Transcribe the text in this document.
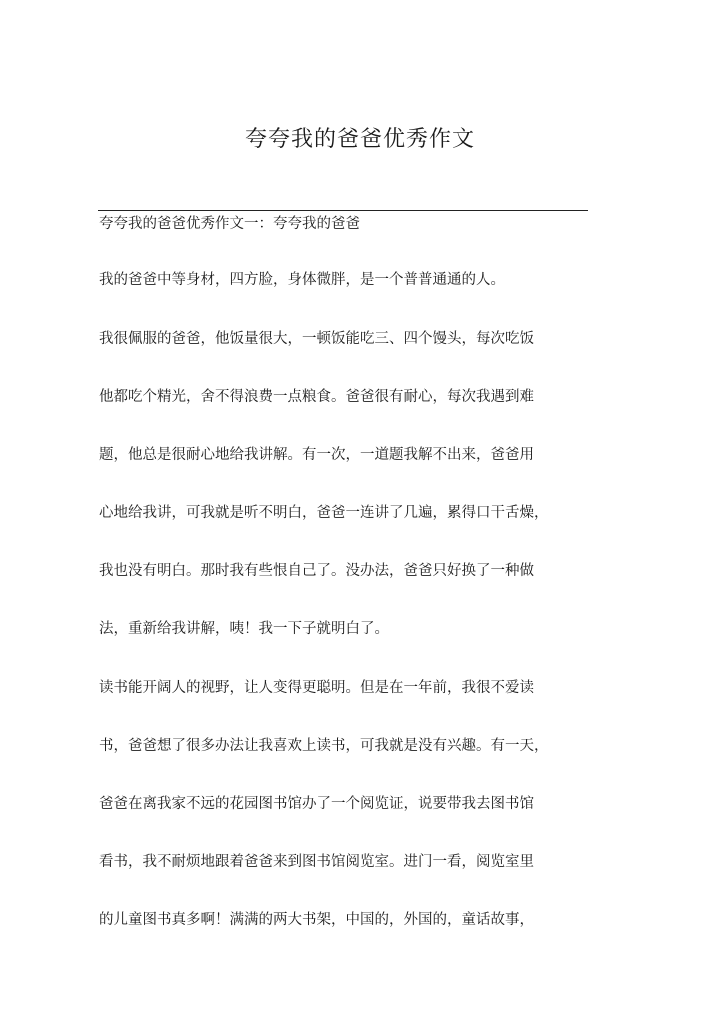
夸夸我的爸爸优秀作文

夸夸我的爸爸优秀作文一：夸夸我的爸爸

我的爸爸中等身材，四方脸，身体微胖，是一个普普通通的人。

我很佩服的爸爸，他饭量很大，一顿饭能吃三、四个馒头，每次吃饭

他都吃个精光，舍不得浪费一点粮食。爸爸很有耐心，每次我遇到难

题，他总是很耐心地给我讲解。有一次，一道题我解不出来，爸爸用

心地给我讲，可我就是听不明白，爸爸一连讲了几遍，累得口干舌燥，

我也没有明白。那时我有些恨自己了。没办法，爸爸只好换了一种做

法，重新给我讲解，咦！我一下子就明白了。

读书能开阔人的视野，让人变得更聪明。但是在一年前，我很不爱读

书，爸爸想了很多办法让我喜欢上读书，可我就是没有兴趣。有一天，

爸爸在离我家不远的花园图书馆办了一个阅览证，说要带我去图书馆

看书，我不耐烦地跟着爸爸来到图书馆阅览室。进门一看，阅览室里

的儿童图书真多啊！满满的两大书架，中国的，外国的，童话故事，
